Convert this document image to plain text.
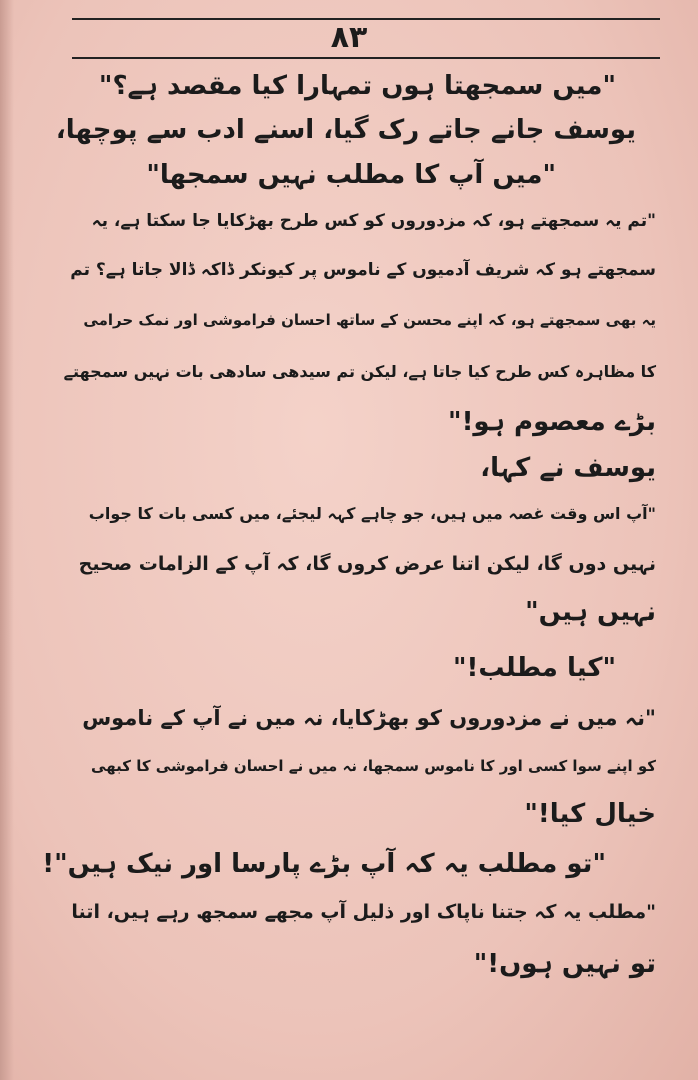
۸۳
"میں سمجھتا ہوں تمہارا کیا مقصد ہے؟"
یوسف جانے جاتے رک گیا، اسنے ادب سے پوچھا،
"میں آپ کا مطلب نہیں سمجھا"
"تم یہ سمجھتے ہو، کہ مزدوروں کو کس طرح بھڑکایا جا سکتا ہے، یہ
سمجھتے ہو کہ شریف آدمیوں کے ناموس پر کیونکر ڈاکہ ڈالا جاتا ہے؟ تم
یہ بھی سمجھتے ہو، کہ اپنے محسن کے ساتھ احسان فراموشی اور نمک حرامی
کا مظاہرہ کس طرح کیا جاتا ہے، لیکن تم سیدھی سادھی بات نہیں سمجھتے
بڑے معصوم ہو!"
یوسف نے کہا،
"آپ اس وقت غصہ میں ہیں، جو چاہے کہہ لیجئے، میں کسی بات کا جواب
نہیں دوں گا، لیکن اتنا عرض کروں گا، کہ آپ کے الزامات صحیح
نہیں ہیں"
"کیا مطلب!"
"نہ میں نے مزدوروں کو بھڑکایا، نہ میں نے آپ کے ناموس
کو اپنے سوا کسی اور کا ناموس سمجھا، نہ میں نے احسان فراموشی کا کبھی
خیال کیا!"
"تو مطلب یہ کہ آپ بڑے پارسا اور نیک ہیں"!
"مطلب یہ کہ جتنا ناپاک اور ذلیل آپ مجھے سمجھ رہے ہیں، اتنا
تو نہیں ہوں!"
